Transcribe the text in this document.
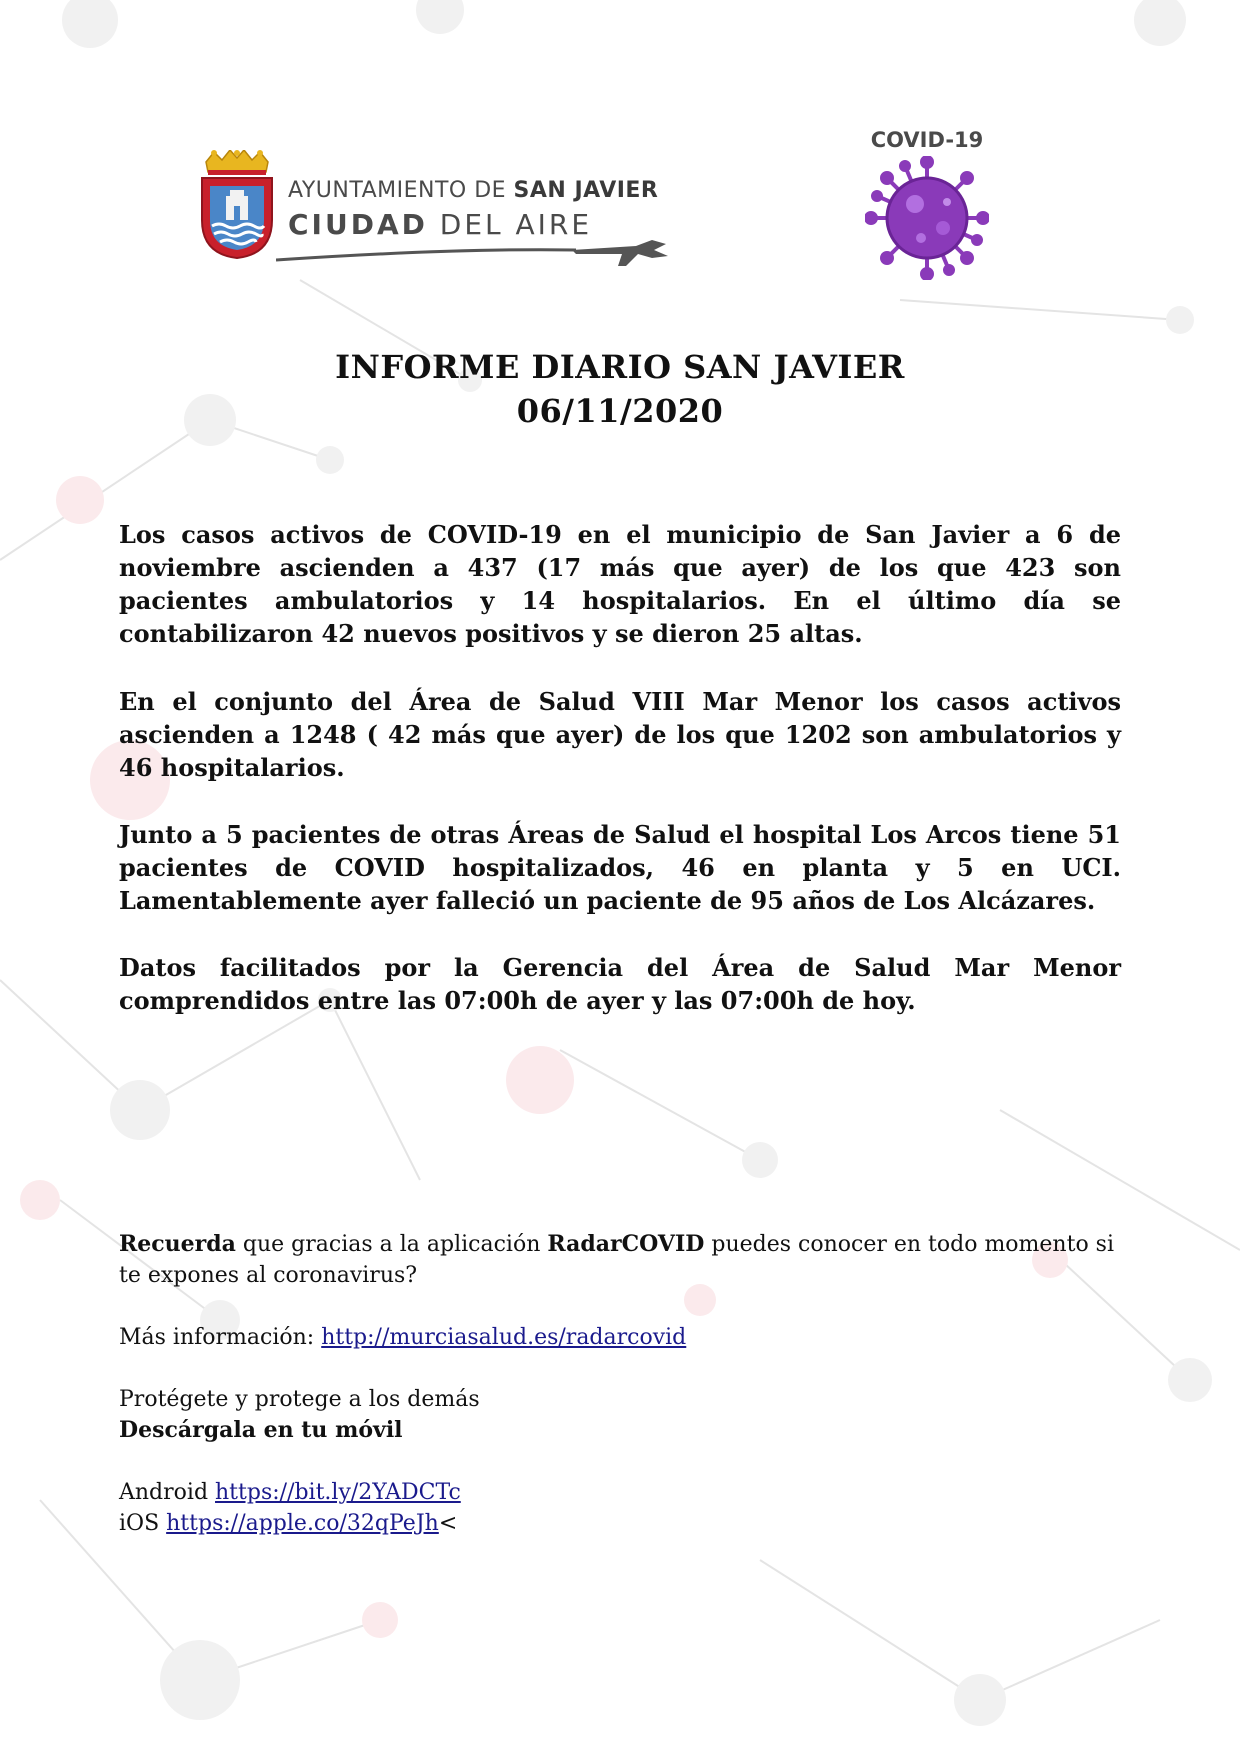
AYUNTAMIENTO DE SAN JAVIER
CIUDAD DEL AIRE
COVID-19
INFORME DIARIO SAN JAVIER
06/11/2020

Los casos activos de COVID-19 en el municipio de San Javier a 6 de noviembre ascienden a 437 (17 más que ayer) de los que 423 son pacientes ambulatorios y 14 hospitalarios. En el último día se contabilizaron 42 nuevos positivos y se dieron 25 altas.

En el conjunto del Área de Salud VIII Mar Menor los casos activos ascienden a 1248 ( 42 más que ayer) de los que 1202 son ambulatorios y 46 hospitalarios.

Junto a 5 pacientes de otras Áreas de Salud el hospital Los Arcos tiene 51 pacientes de COVID hospitalizados, 46 en planta y 5 en UCI. Lamentablemente ayer falleció un paciente de 95 años de Los Alcázares.

Datos facilitados por la Gerencia del Área de Salud Mar Menor comprendidos entre las 07:00h de ayer y las 07:00h de hoy.

Recuerda que gracias a la aplicación RadarCOVID puedes conocer en todo momento si te expones al coronavirus?
Más información: http://murciasalud.es/radarcovid
Protégete y protege a los demás
Descárgala en tu móvil
Android https://bit.ly/2YADCTc
iOS https://apple.co/32qPeJh<
